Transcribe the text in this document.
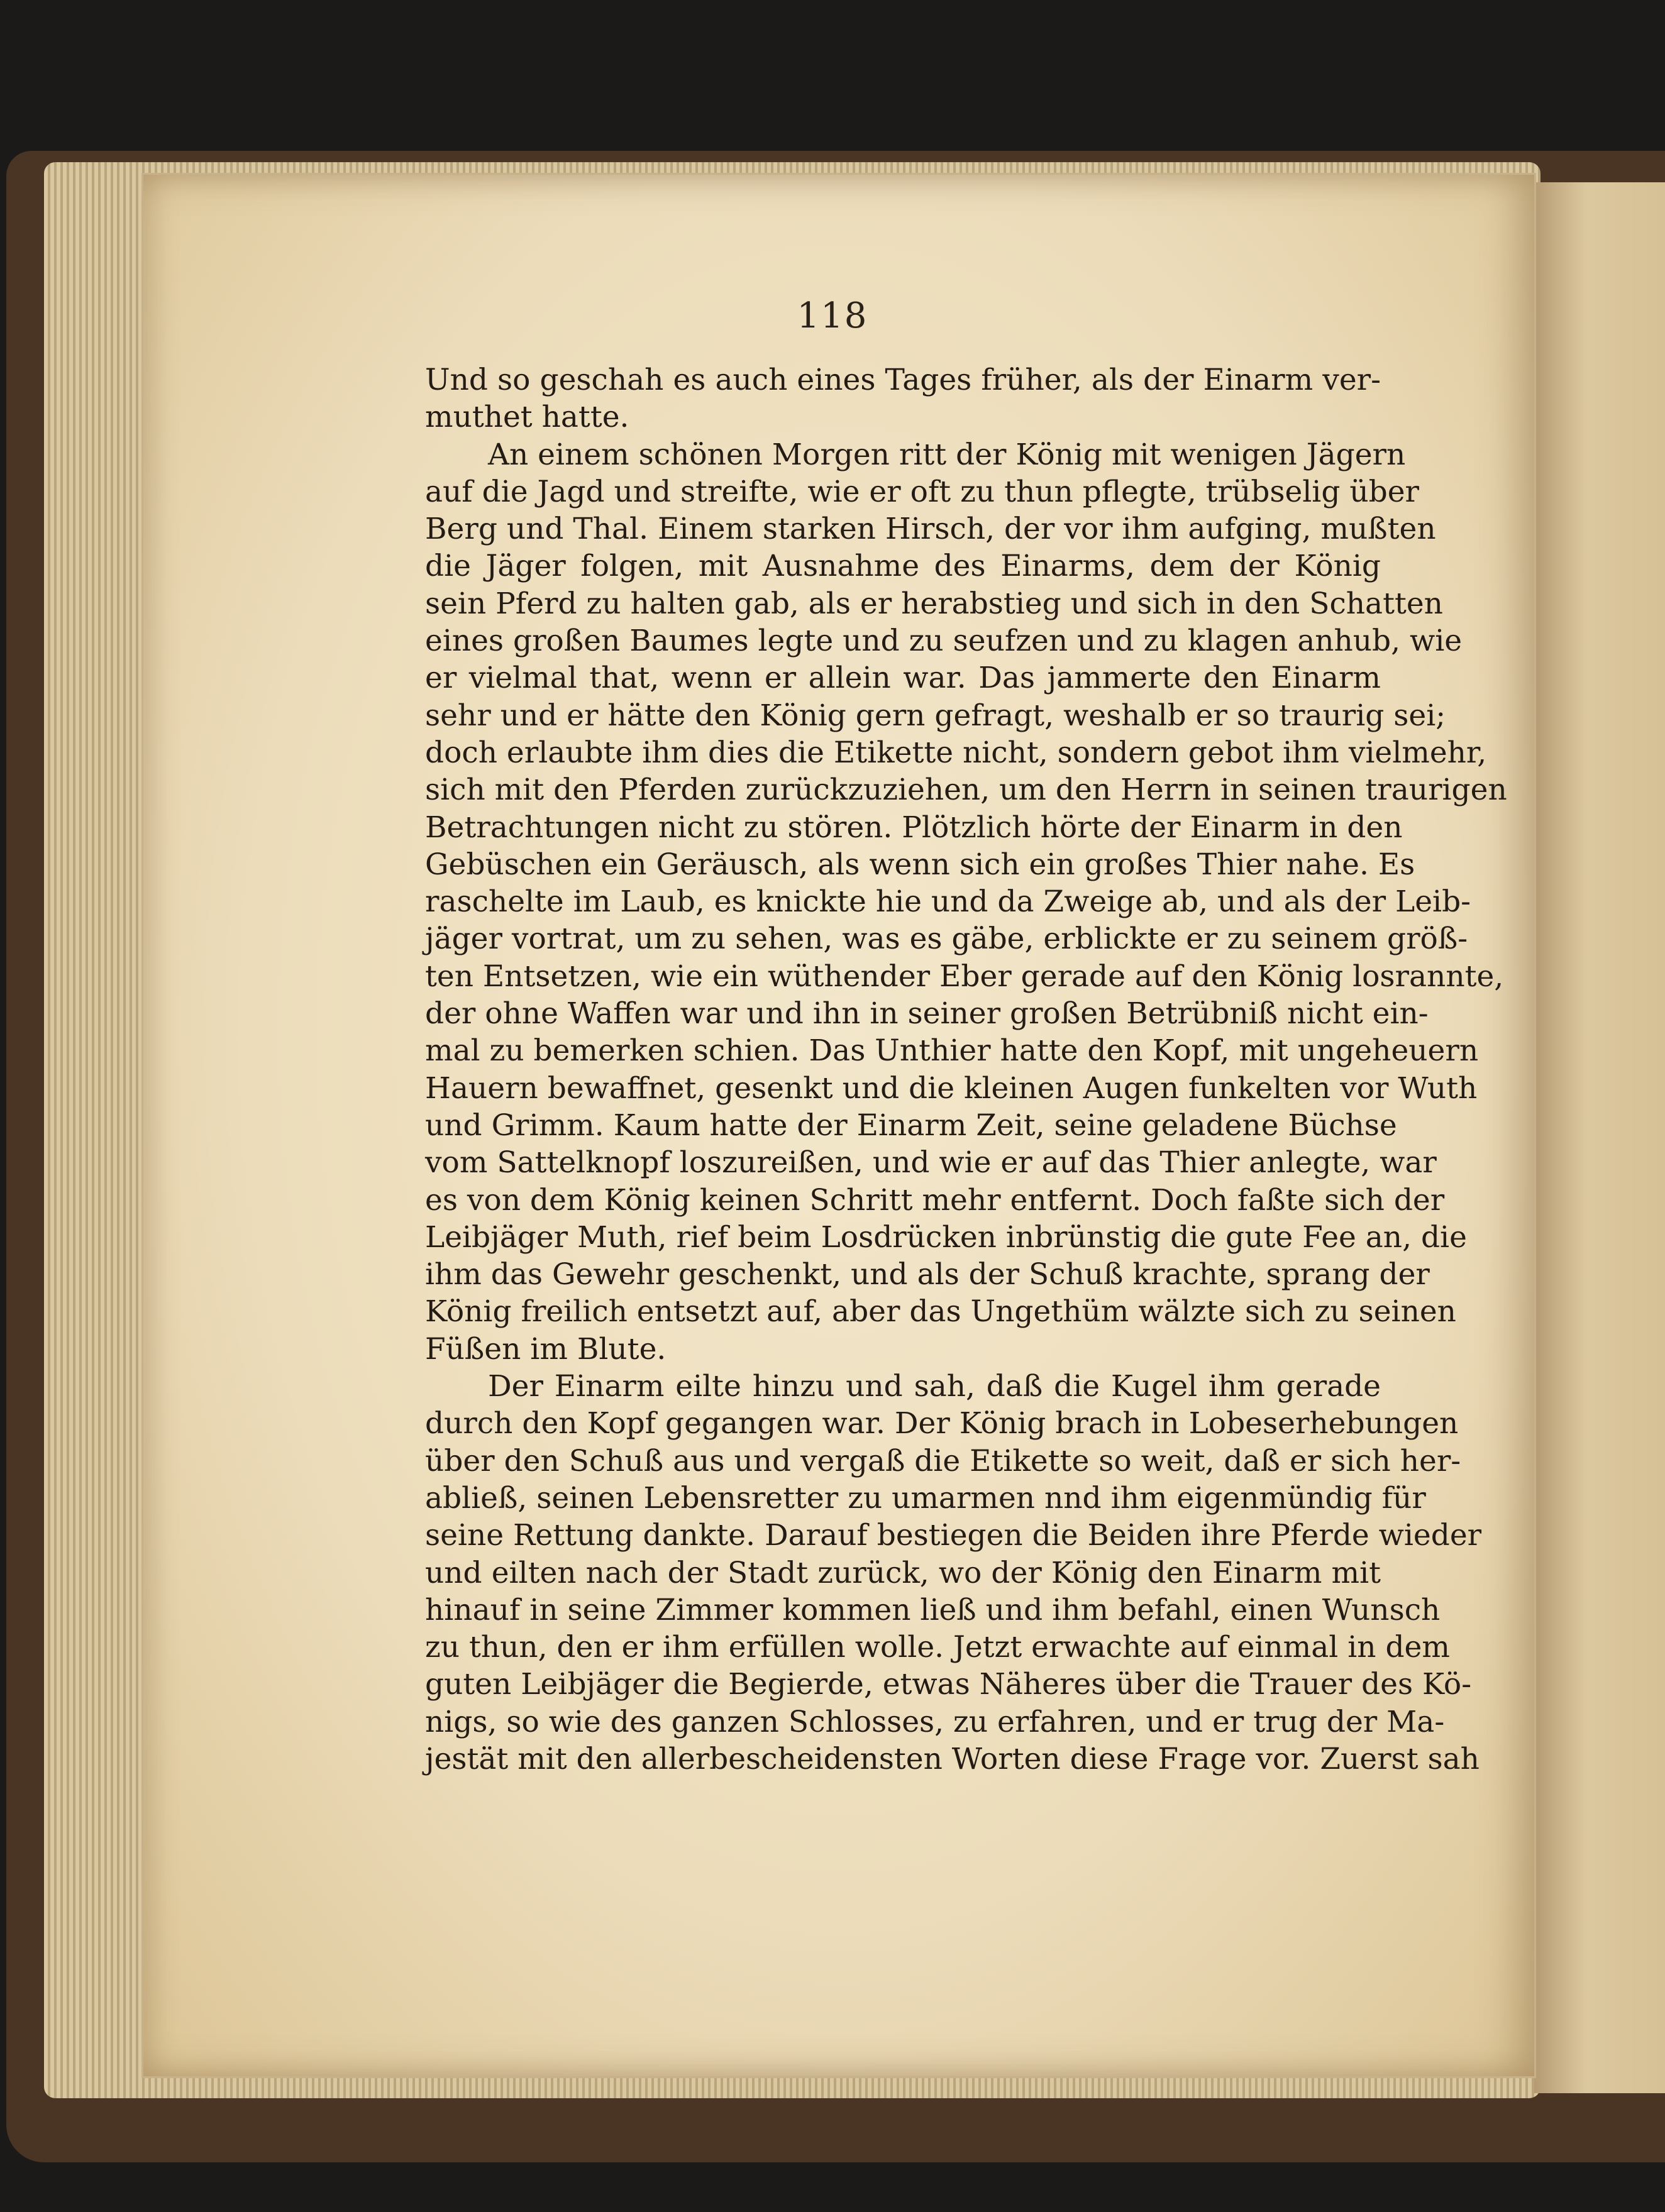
118
Und so geschah es auch eines Tages früher, als der Einarm ver-
muthet hatte.
An einem schönen Morgen ritt der König mit wenigen Jägern
auf die Jagd und streifte, wie er oft zu thun pflegte, trübselig über
Berg und Thal. Einem starken Hirsch, der vor ihm aufging, mußten
die Jäger folgen, mit Ausnahme des Einarms, dem der König
sein Pferd zu halten gab, als er herabstieg und sich in den Schatten
eines großen Baumes legte und zu seufzen und zu klagen anhub, wie
er vielmal that, wenn er allein war. Das jammerte den Einarm
sehr und er hätte den König gern gefragt, weshalb er so traurig sei;
doch erlaubte ihm dies die Etikette nicht, sondern gebot ihm vielmehr,
sich mit den Pferden zurückzuziehen, um den Herrn in seinen traurigen
Betrachtungen nicht zu stören. Plötzlich hörte der Einarm in den
Gebüschen ein Geräusch, als wenn sich ein großes Thier nahe. Es
raschelte im Laub, es knickte hie und da Zweige ab, und als der Leib-
jäger vortrat, um zu sehen, was es gäbe, erblickte er zu seinem größ-
ten Entsetzen, wie ein wüthender Eber gerade auf den König losrannte,
der ohne Waffen war und ihn in seiner großen Betrübniß nicht ein-
mal zu bemerken schien. Das Unthier hatte den Kopf, mit ungeheuern
Hauern bewaffnet, gesenkt und die kleinen Augen funkelten vor Wuth
und Grimm. Kaum hatte der Einarm Zeit, seine geladene Büchse
vom Sattelknopf loszureißen, und wie er auf das Thier anlegte, war
es von dem König keinen Schritt mehr entfernt. Doch faßte sich der
Leibjäger Muth, rief beim Losdrücken inbrünstig die gute Fee an, die
ihm das Gewehr geschenkt, und als der Schuß krachte, sprang der
König freilich entsetzt auf, aber das Ungethüm wälzte sich zu seinen
Füßen im Blute.
Der Einarm eilte hinzu und sah, daß die Kugel ihm gerade
durch den Kopf gegangen war. Der König brach in Lobeserhebungen
über den Schuß aus und vergaß die Etikette so weit, daß er sich her-
abließ, seinen Lebensretter zu umarmen nnd ihm eigenmündig für
seine Rettung dankte. Darauf bestiegen die Beiden ihre Pferde wieder
und eilten nach der Stadt zurück, wo der König den Einarm mit
hinauf in seine Zimmer kommen ließ und ihm befahl, einen Wunsch
zu thun, den er ihm erfüllen wolle. Jetzt erwachte auf einmal in dem
guten Leibjäger die Begierde, etwas Näheres über die Trauer des Kö-
nigs, so wie des ganzen Schlosses, zu erfahren, und er trug der Ma-
jestät mit den allerbescheidensten Worten diese Frage vor. Zuerst sah
